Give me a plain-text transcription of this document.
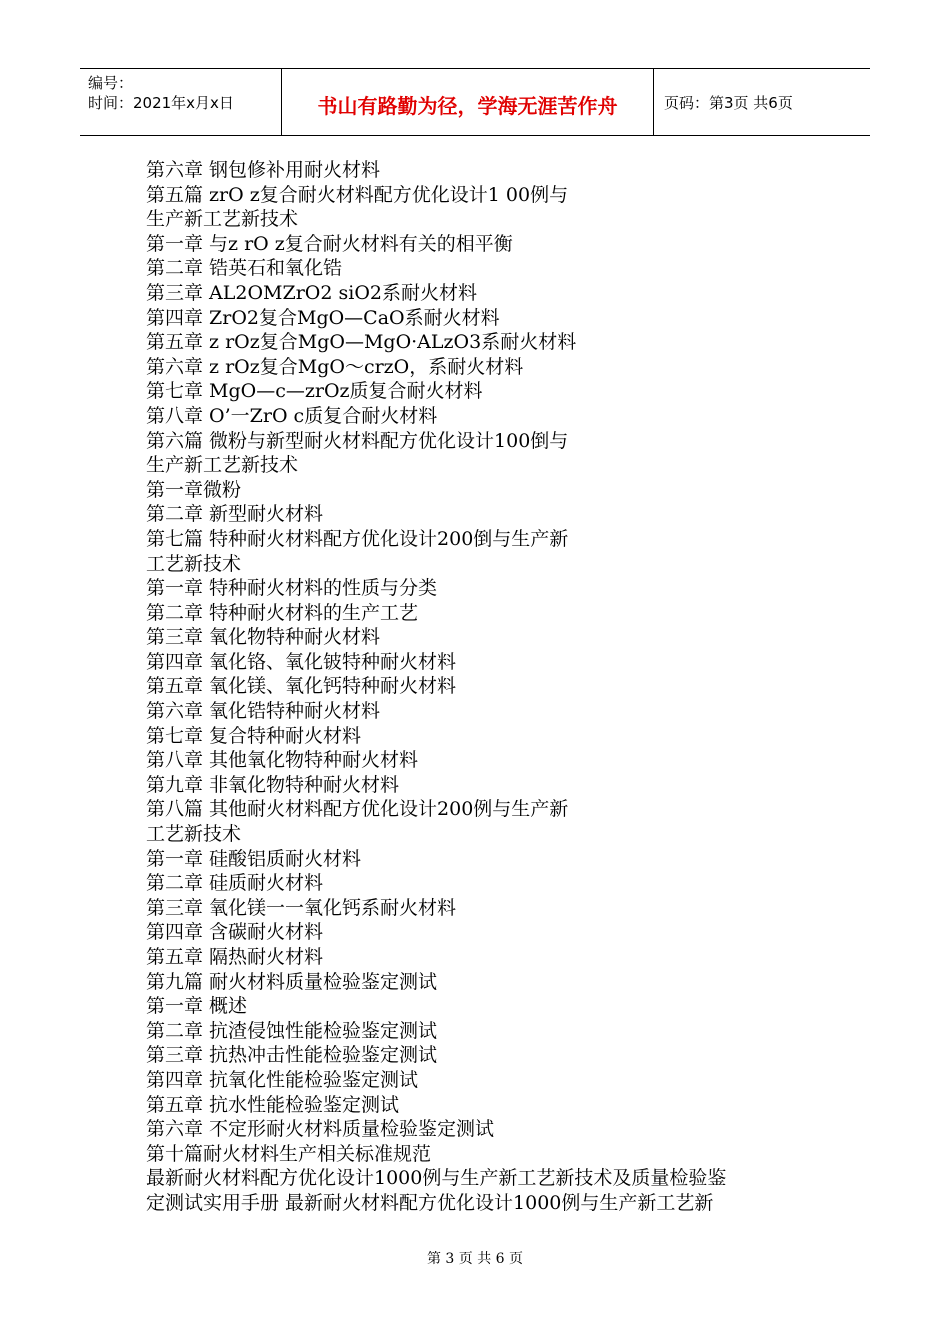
编号：
时间：2021年x月x日	书山有路勤为径，学海无涯苦作舟	页码：第3页 共6页
第六章 钢包修补用耐火材料
第五篇 zrO z复合耐火材料配方优化设计1 00例与
生产新工艺新技术
第一章 与z rO z复合耐火材料有关的相平衡
第二章 锆英石和氧化锆
第三章 AL2OMZrO2 siO2系耐火材料
第四章 ZrO2复合MgO—CaO系耐火材料
第五章 z rOz复合MgO—MgO·ALzO3系耐火材料
第六章 z rOz复合MgO～crzO，系耐火材料
第七章 MgO—c—zrOz质复合耐火材料
第八章 O’一ZrO c质复合耐火材料
第六篇 微粉与新型耐火材料配方优化设计100倒与
生产新工艺新技术
第一章微粉
第二章 新型耐火材料
第七篇 特种耐火材料配方优化设计200倒与生产新
工艺新技术
第一章 特种耐火材料的性质与分类
第二章 特种耐火材料的生产工艺
第三章 氧化物特种耐火材料
第四章 氧化铬、氧化铍特种耐火材料
第五章 氧化镁、氧化钙特种耐火材料
第六章 氧化锆特种耐火材料
第七章 复合特种耐火材料
第八章 其他氧化物特种耐火材料
第九章 非氧化物特种耐火材料
第八篇 其他耐火材料配方优化设计200例与生产新
工艺新技术
第一章 硅酸铝质耐火材料
第二章 硅质耐火材料
第三章 氧化镁一一氧化钙系耐火材料
第四章 含碳耐火材料
第五章 隔热耐火材料
第九篇 耐火材料质量检验鉴定测试
第一章 概述
第二章 抗渣侵蚀性能检验鉴定测试
第三章 抗热冲击性能检验鉴定测试
第四章 抗氧化性能检验鉴定测试
第五章 抗水性能检验鉴定测试
第六章 不定形耐火材料质量检验鉴定测试
第十篇耐火材料生产相关标准规范
最新耐火材料配方优化设计1000例与生产新工艺新技术及质量检验鉴
定测试实用手册 最新耐火材料配方优化设计1000例与生产新工艺新
第 3 页 共 6 页
